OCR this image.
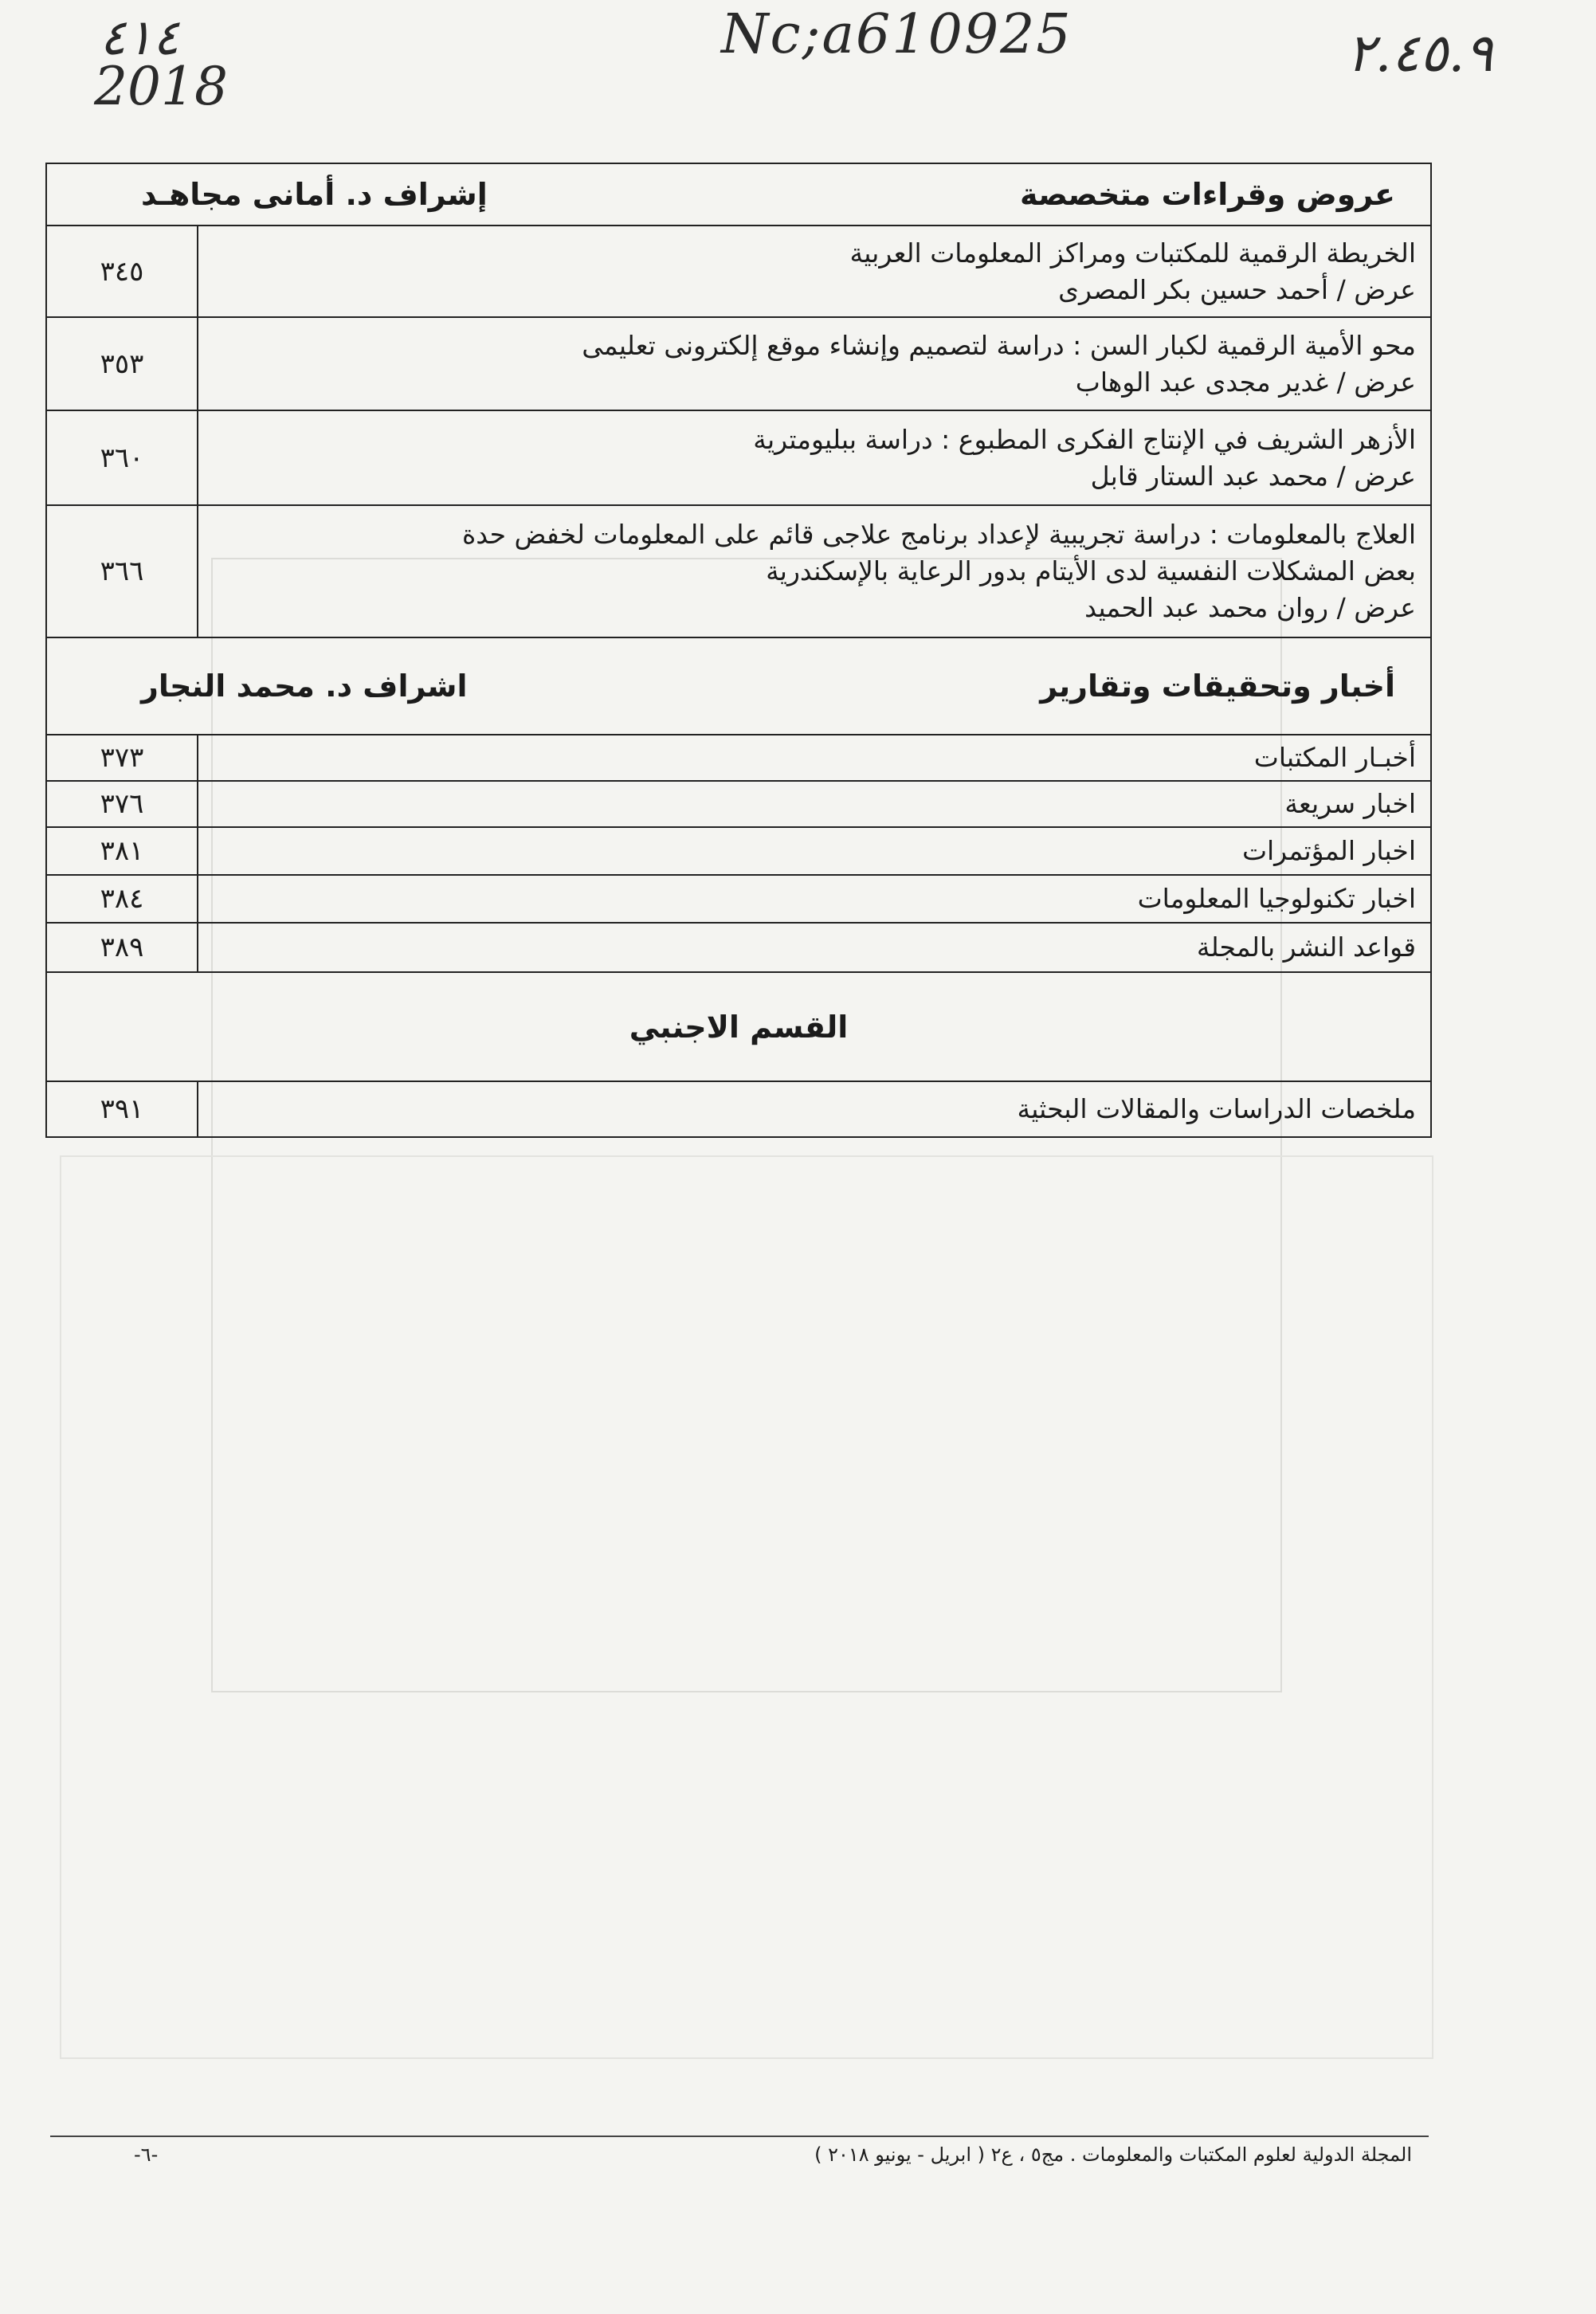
٤١٤
2018
Nc;a610925	٢.٤٥.٩
عروض وقراءات متخصصة
إشراف د. أمانى مجاهـد	

الخريطة الرقمية للمكتبات ومراكز المعلومات العربية
عرض / أحمد حسين بكر المصرى	٣٤٥

محو الأمية الرقمية لكبار السن : دراسة لتصميم وإنشاء موقع إلكترونى تعليمى
عرض / غدير مجدى عبد الوهاب	٣٥٣

الأزهر الشريف في الإنتاج الفكرى المطبوع : دراسة ببليومترية
عرض / محمد عبد الستار قابل	٣٦٠

العلاج بالمعلومات : دراسة تجريبية لإعداد برنامج علاجى قائم على المعلومات لخفض حدة
بعض المشكلات النفسية لدى الأيتام بدور الرعاية بالإسكندرية
عرض / روان محمد عبد الحميد	٣٦٦

أخبار وتحقيقات وتقارير
اشراف د. محمد النجار	

أخبـار المكتبات	٣٧٣
اخبار سريعة	٣٧٦
اخبار المؤتمرات	٣٨١
اخبار تكنولوجيا المعلومات	٣٨٤
قواعد النشر بالمجلة	٣٨٩
القسم الاجنبي	
ملخصات الدراسات والمقالات البحثية	٣٩١
المجلة الدولية لعلوم المكتبات والمعلومات . مج٥ ، ع٢ ( ابريل - يونيو ٢٠١٨ )
-٦-
